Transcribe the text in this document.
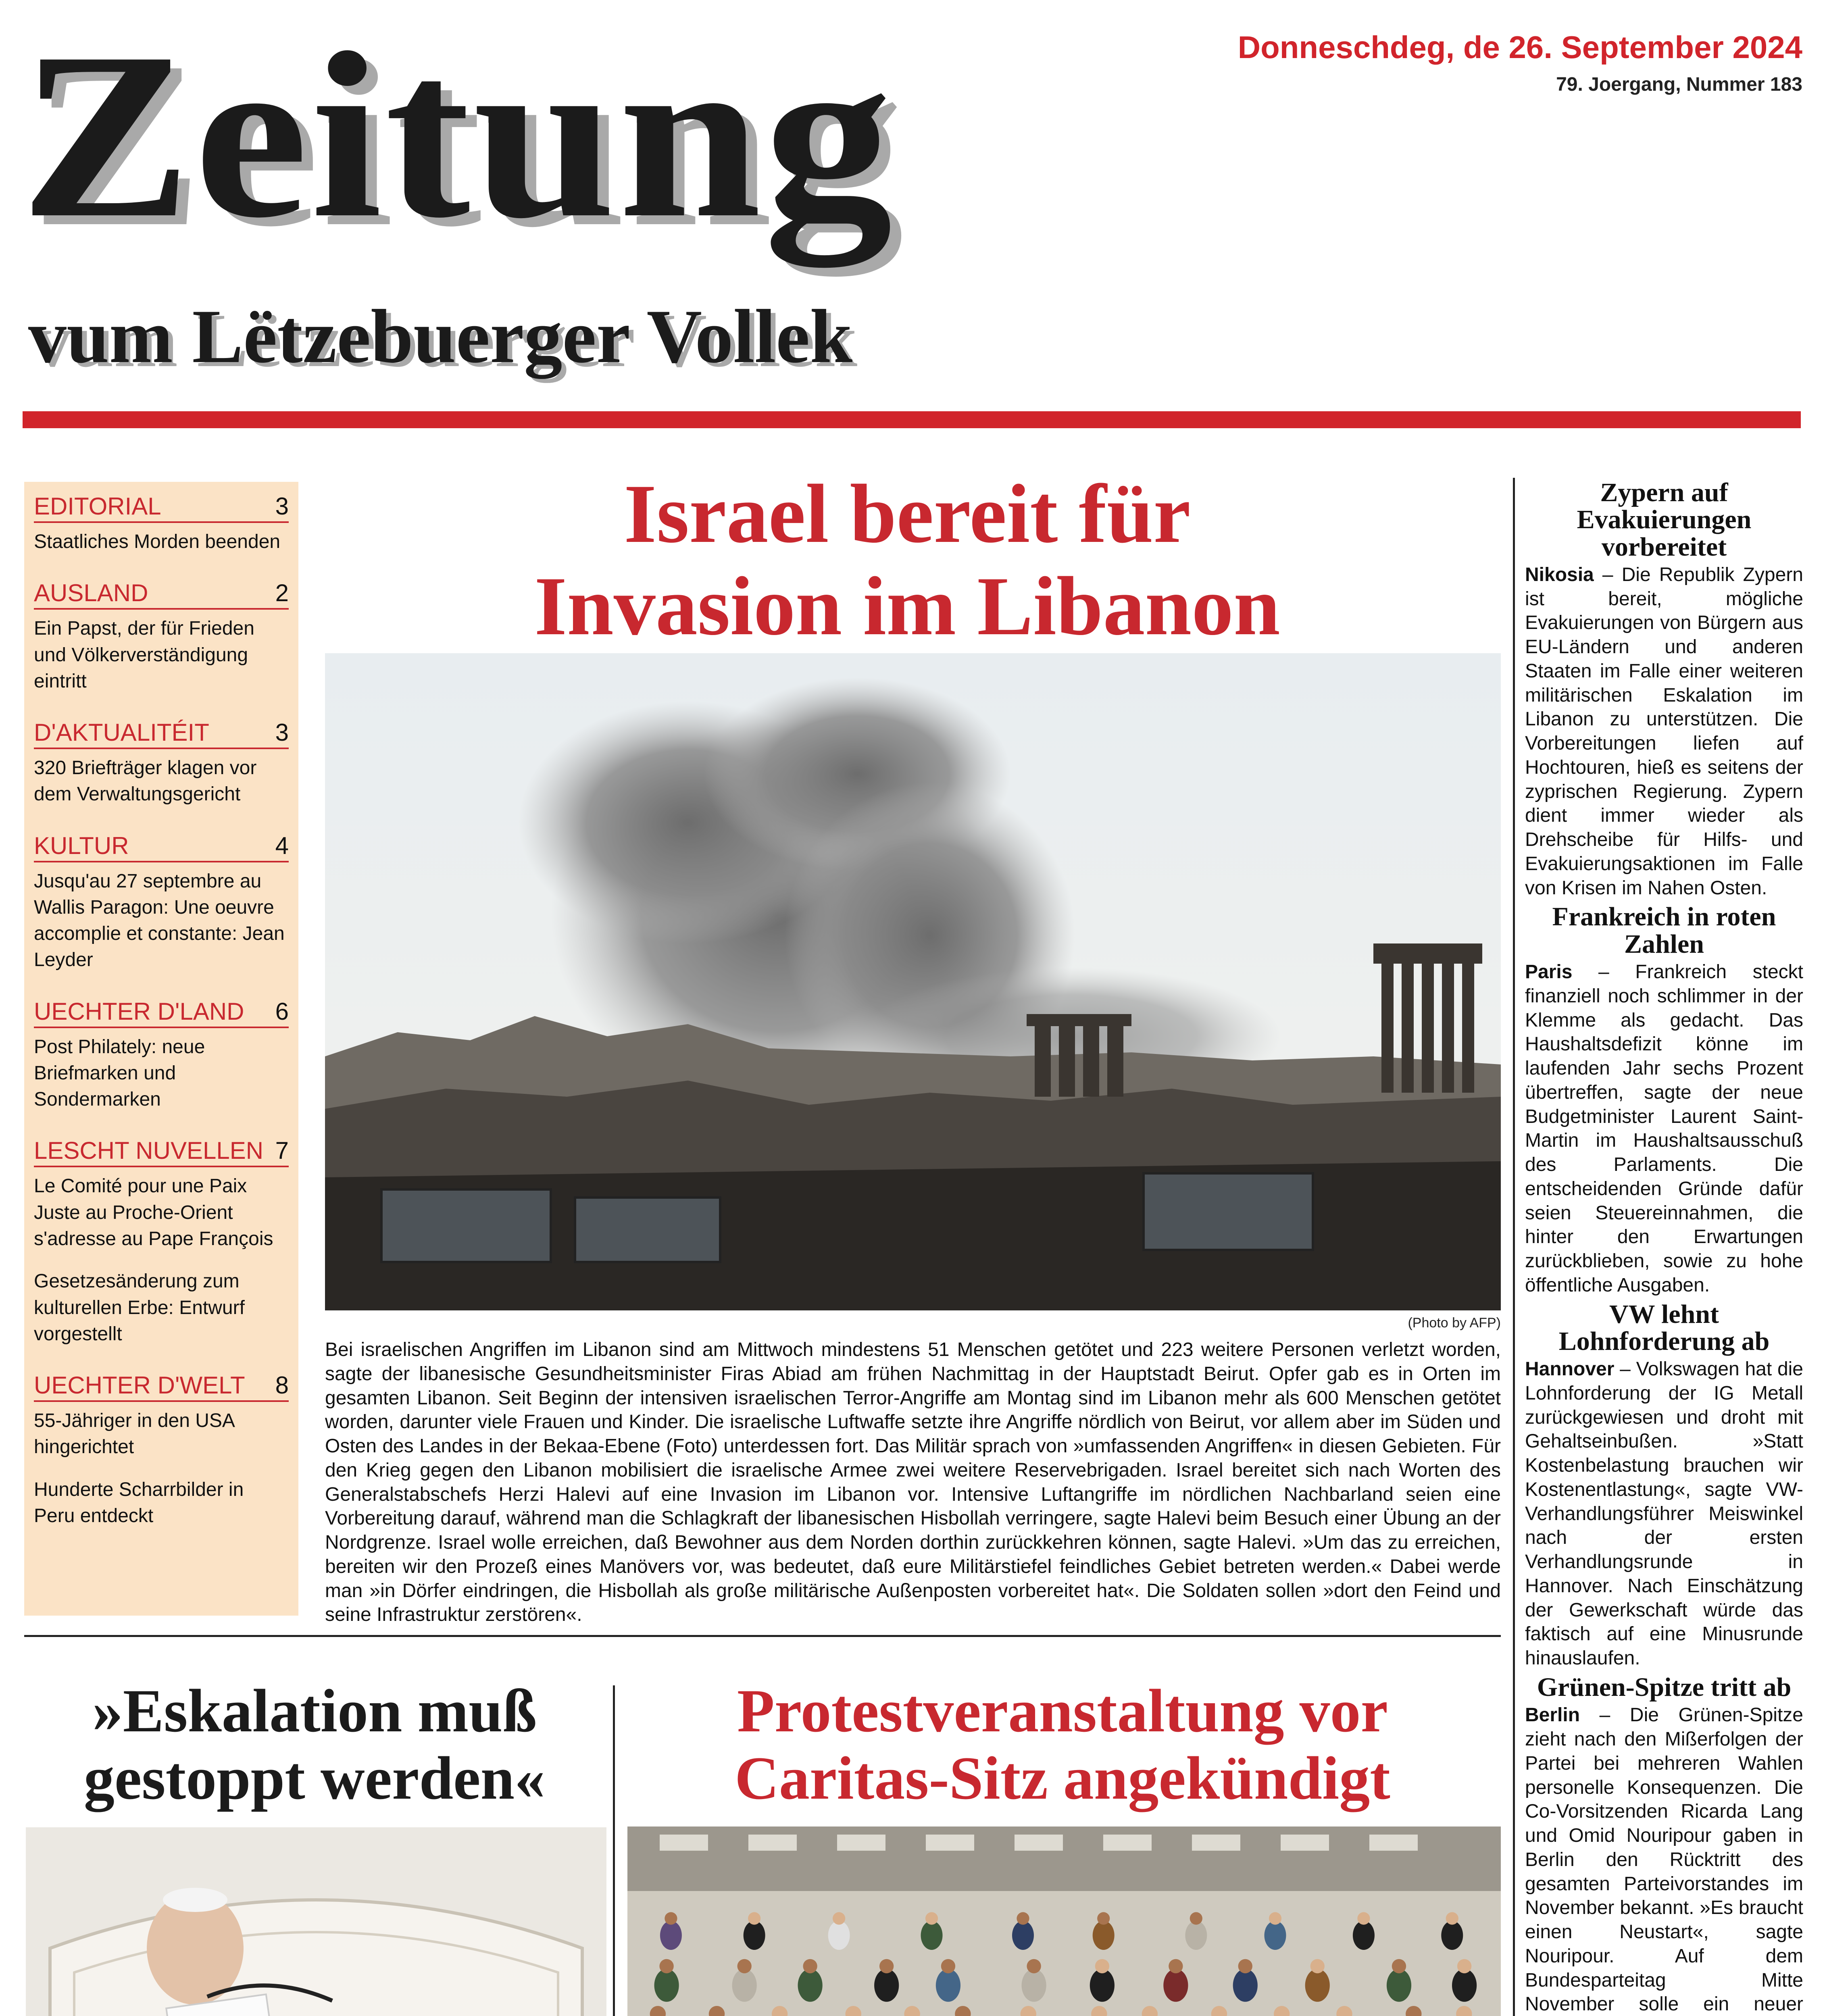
Zeitung
vum Lëtzebuerger Vollek
Donneschdeg, de 26. September 2024
79. Joergang, Nummer 183
EDITORIAL	3
Staatliches Morden beenden
AUSLAND	2
Ein Papst, der für Frieden und Völkerverständigung eintritt
D'AKTUALITÉIT	3
320 Briefträger klagen vor dem Verwaltungsgericht
KULTUR	4
Jusqu'au 27 septembre au Wallis Paragon: Une oeuvre accomplie et constante: Jean Leyder
UECHTER D'LAND 6
Post Philately: neue Briefmarken und Sondermarken
LESCHT NUVELLEN 7
Le Comité pour une Paix Juste au Proche-Orient s'adresse au Pape François
Gesetzesänderung zum kulturellen Erbe: Entwurf vorgestellt
UECHTER D'WELT 8
55-Jähriger in den USA hingerichtet
Hunderte Scharrbilder in Peru entdeckt
Israel bereit für
Invasion im Libanon
(Photo by AFP)
Bei israelischen Angriffen im Libanon sind am Mittwoch mindestens 51 Menschen getötet und 223 weitere Personen verletzt worden, sagte der libanesische Gesundheitsminister Firas Abiad am frühen Nachmittag in der Hauptstadt Beirut. Opfer gab es in Orten im gesamten Libanon. Seit Beginn der intensiven israelischen Terror-Angriffe am Montag sind im Libanon mehr als 600 Menschen getötet worden, darunter viele Frauen und Kinder. Die israelische Luftwaffe setzte ihre Angriffe nördlich von Beirut, vor allem aber im Süden und Osten des Landes in der Bekaa-Ebene (Foto) unterdessen fort. Das Militär sprach von »umfassenden Angriffen« in diesen Gebieten. Für den Krieg gegen den Libanon mobilisiert die israelische Armee zwei weitere Reservebrigaden. Israel bereitet sich nach Worten des Generalstabschefs Herzi Halevi auf eine Invasion im Libanon vor. Intensive Luftangriffe im nördlichen Nachbarland seien eine Vorbereitung darauf, während man die Schlagkraft der libanesischen Hisbollah verringere, sagte Halevi beim Besuch einer Übung an der Nordgrenze. Israel wolle erreichen, daß Bewohner aus dem Norden dorthin zurückkehren können, sagte Halevi. »Um das zu erreichen, bereiten wir den Prozeß eines Manövers vor, was bedeutet, daß eure Militärstiefel feindliches Gebiet betreten werden.« Dabei werde man »in Dörfer eindringen, die Hisbollah als große militärische Außenposten vorbereitet hat«. Die Soldaten sollen »dort den Feind und seine Infrastruktur zerstören«.
Zypern auf Evakuierungen vorbereitet
Nikosia – Die Republik Zypern ist bereit, mögliche Evakuierungen von Bürgern aus EU-Ländern und anderen Staaten im Falle einer weiteren militärischen Eskalation im Libanon zu unterstützen. Die Vorbereitungen liefen auf Hochtouren, hieß es seitens der zyprischen Regierung. Zypern dient immer wieder als Drehscheibe für Hilfs- und Evakuierungsaktionen im Falle von Krisen im Nahen Osten.
Frankreich in roten Zahlen
Paris – Frankreich steckt finanziell noch schlimmer in der Klemme als gedacht. Das Haushaltsdefizit könne im laufenden Jahr sechs Prozent übertreffen, sagte der neue Budgetminister Laurent Saint-Martin im Haushaltsausschuß des Parlaments. Die entscheidenden Gründe dafür seien Steuereinnahmen, die hinter den Erwartungen zurückblieben, sowie zu hohe öffentliche Ausgaben.
VW lehnt Lohnforderung ab
Hannover – Volkswagen hat die Lohnforderung der IG Metall zurückgewiesen und droht mit Gehaltseinbußen. »Statt Kostenbelastung brauchen wir Kostenentlastung«, sagte VW-Verhandlungsführer Meiswinkel nach der ersten Verhandlungsrunde in Hannover. Nach Einschätzung der Gewerkschaft würde das faktisch auf eine Minusrunde hinauslaufen.
Grünen-Spitze tritt ab
Berlin – Die Grünen-Spitze zieht nach den Mißerfolgen der Partei bei mehreren Wahlen personelle Konsequenzen. Die Co-Vorsitzenden Ricarda Lang und Omid Nouripour gaben in Berlin den Rücktritt des gesamten Parteivorstandes im November bekannt. »Es braucht einen Neustart«, sagte Nouripour. Auf dem Bundesparteitag Mitte November solle ein neuer
»Eskalation muß
gestoppt werden«
Protestveranstaltung vor
Caritas-Sitz angekündigt
